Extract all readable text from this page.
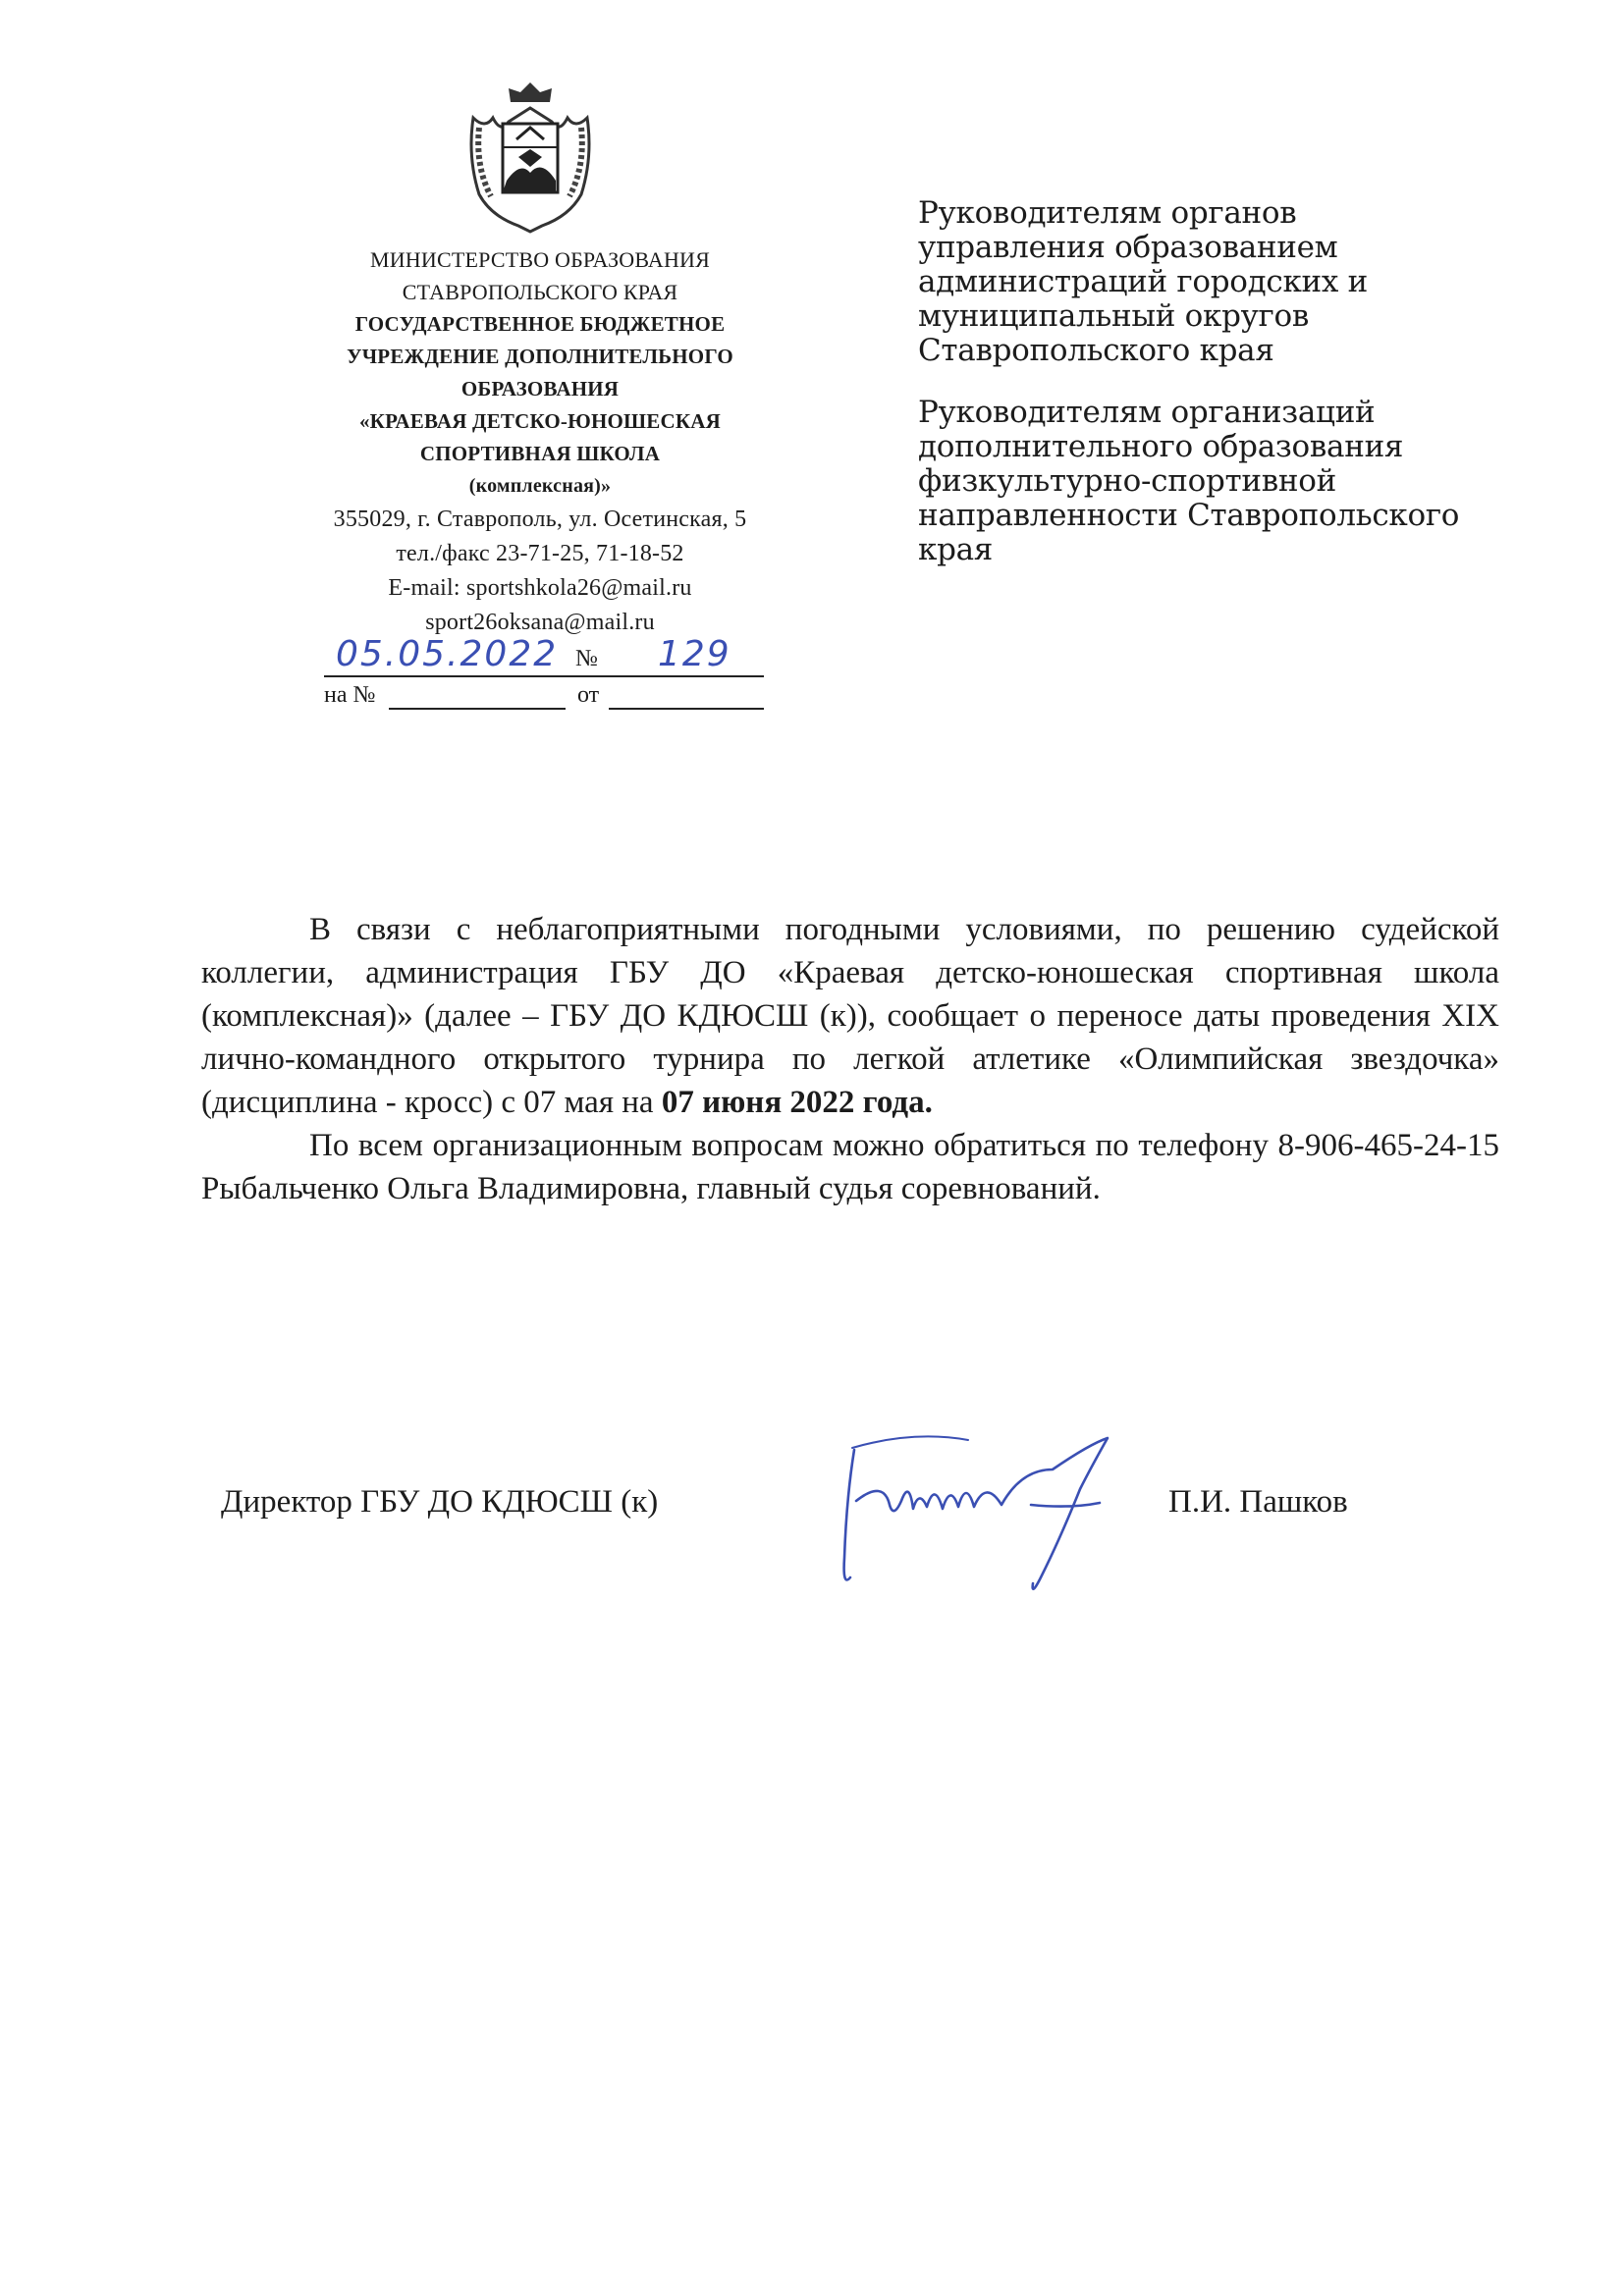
МИНИСТЕРСТВО ОБРАЗОВАНИЯ
СТАВРОПОЛЬСКОГО КРАЯ
ГОСУДАРСТВЕННОЕ БЮДЖЕТНОЕ
УЧРЕЖДЕНИЕ ДОПОЛНИТЕЛЬНОГО
ОБРАЗОВАНИЯ
«КРАЕВАЯ ДЕТСКО-ЮНОШЕСКАЯ
СПОРТИВНАЯ ШКОЛА
(комплексная)»
355029, г. Ставрополь, ул. Осетинская, 5
тел./факс 23-71-25, 71-18-52
E-mail: sportshkola26@mail.ru
sport26oksana@mail.ru
05.05.2022 № 129
на №	от

Руководителям органов
управления образованием
администраций городских и
муниципальный округов
Ставропольского края

Руководителям организаций
дополнительного образования
физкультурно-спортивной
направленности Ставропольского
края

В связи с неблагоприятными погодными условиями, по решению судейской коллегии, администрация ГБУ ДО «Краевая детско-юношеская спортивная школа (комплексная)» (далее – ГБУ ДО КДЮСШ (к)), сообщает о переносе даты проведения XIX лично-командного открытого турнира по легкой атлетике «Олимпийская звездочка» (дисциплина - кросс) с 07 мая на 07 июня 2022 года.

По всем организационным вопросам можно обратиться по телефону 8-906-465-24-15 Рыбальченко Ольга Владимировна, главный судья соревнований.

Директор ГБУ ДО КДЮСШ (к)	П.И. Пашков
